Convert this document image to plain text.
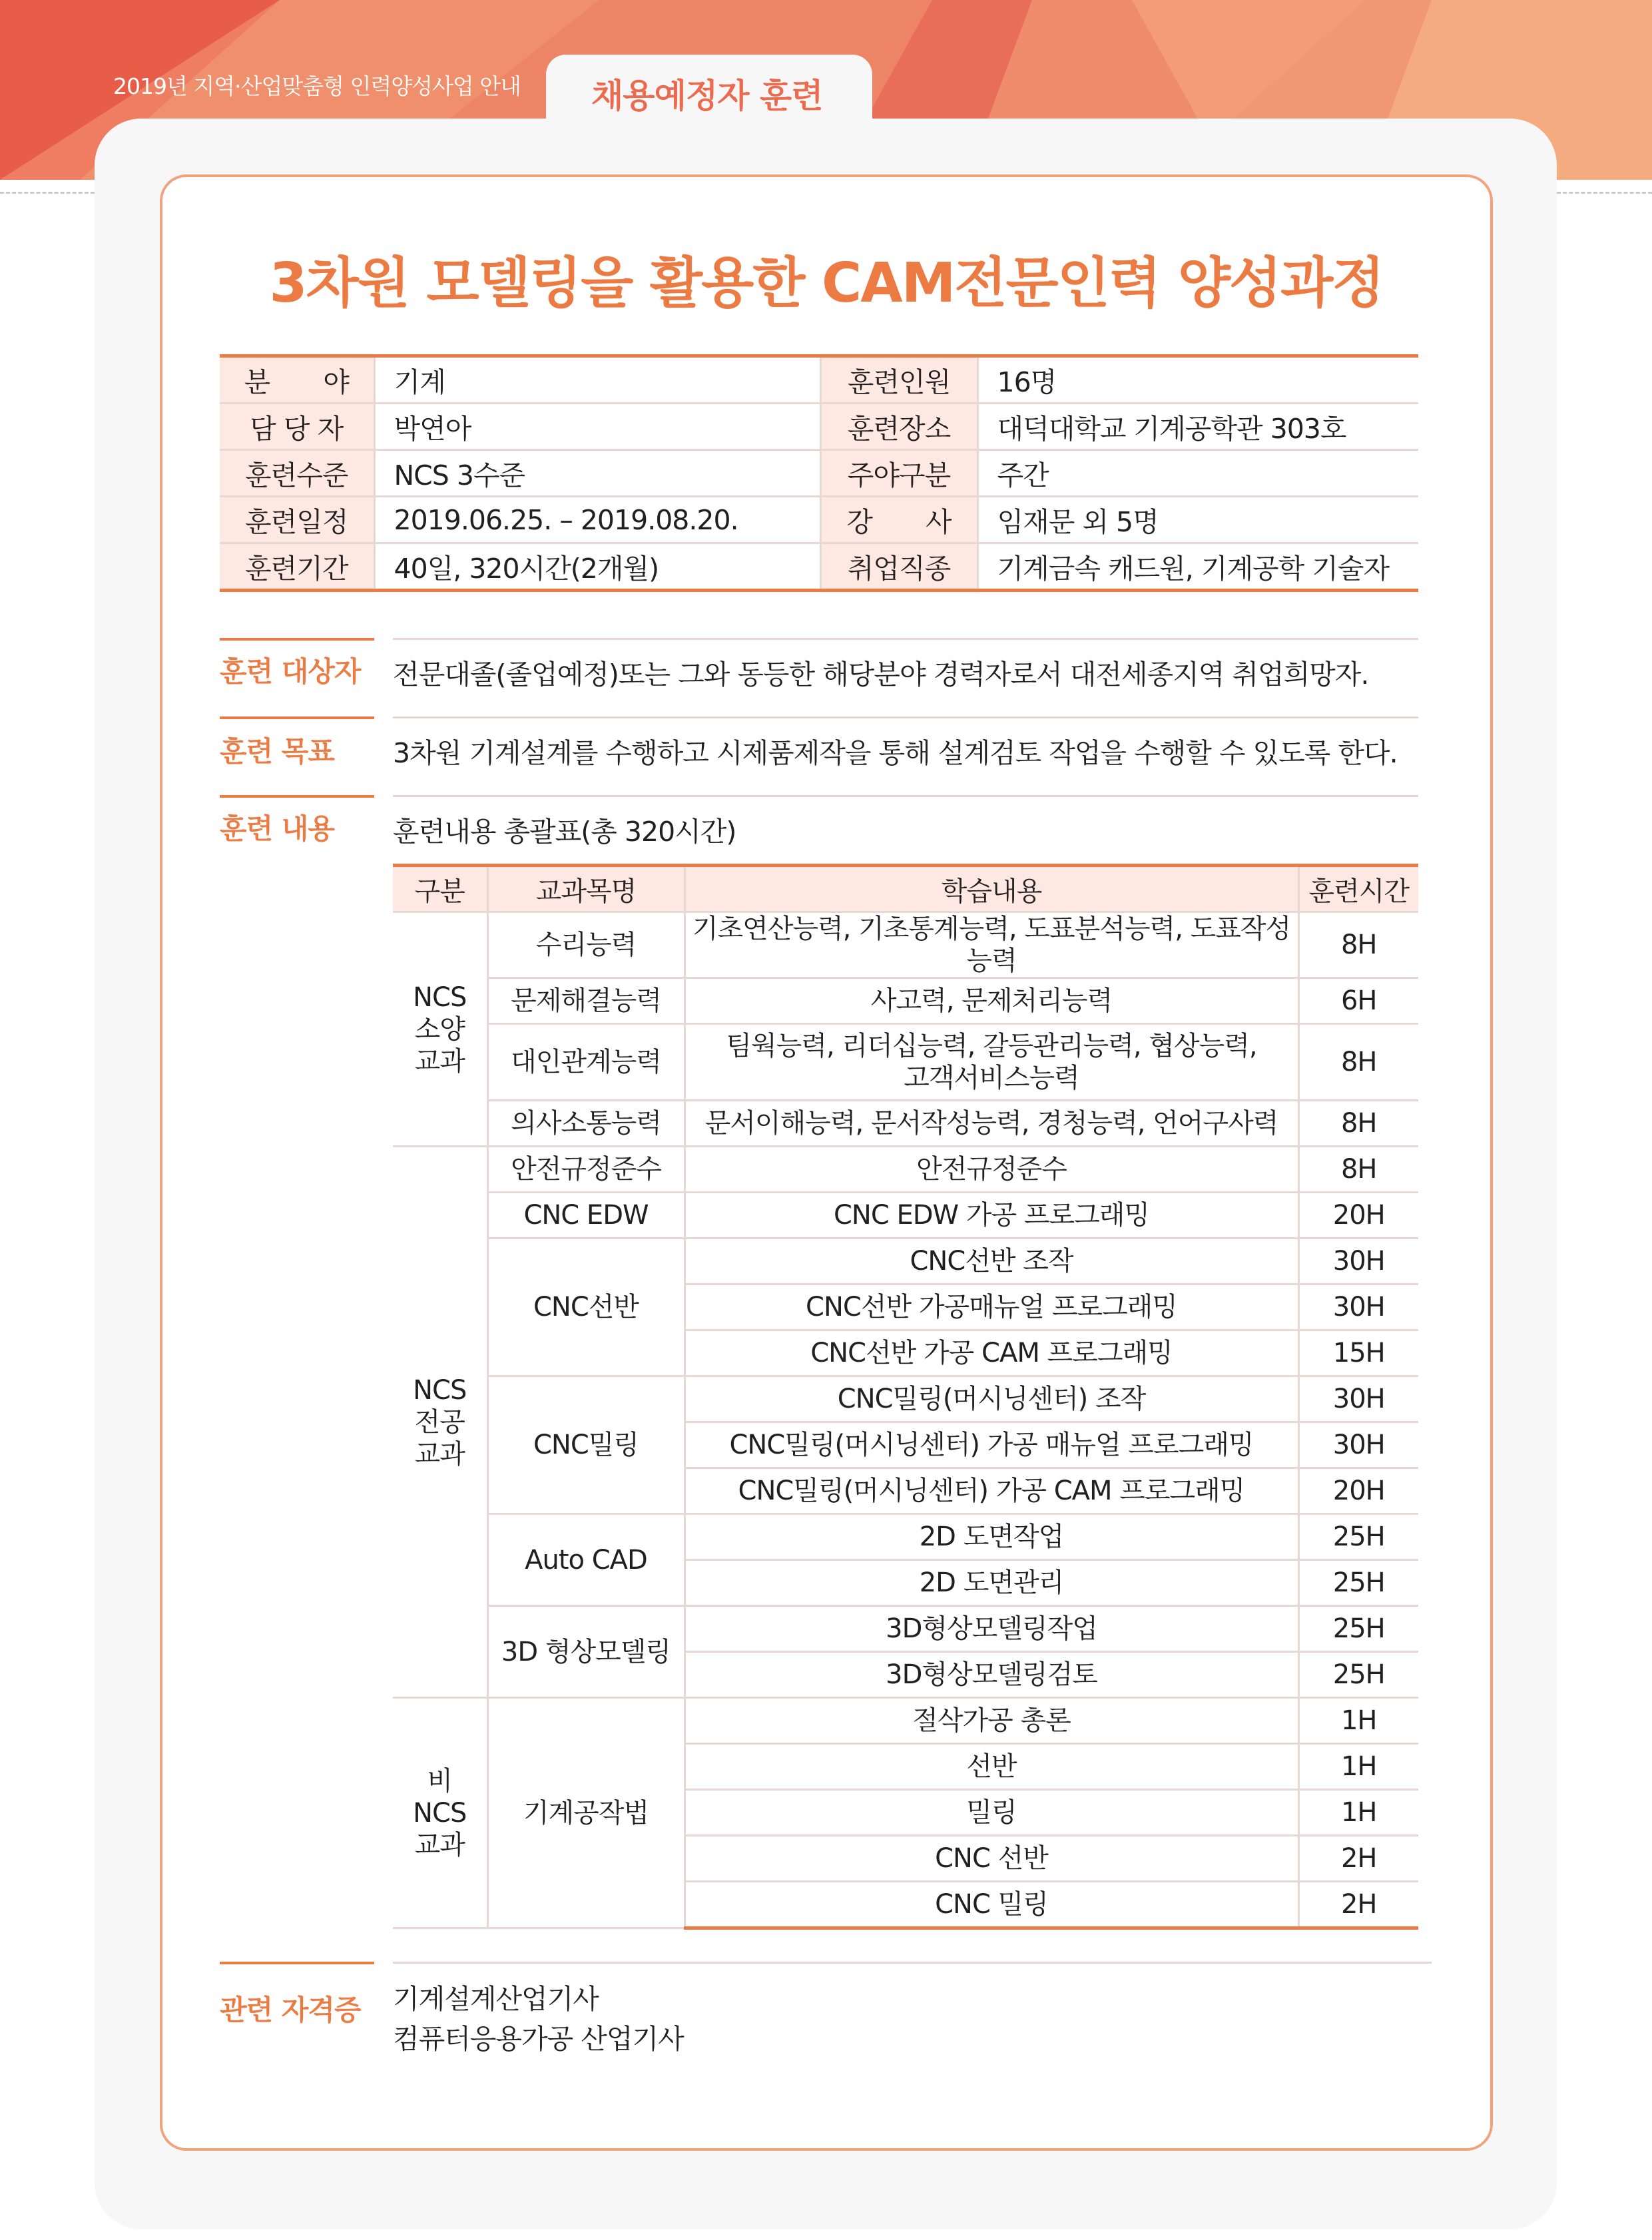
2019년 지역·산업맞춤형 인력양성사업 안내 채용예정자 훈련
3차원 모델링을 활용한 CAM전문인력 양성과정
분　　야	기계	훈련인원	16명
담 당 자	박연아	훈련장소	대덕대학교 기계공학관 303호
훈련수준	NCS 3수준	주야구분	주간
훈련일정	2019.06.25. – 2019.08.20.	강　　사	임재문 외 5명
훈련기간	40일, 320시간(2개월)	취업직종	기계금속 캐드원, 기계공학 기술자
훈련 대상자 전문대졸(졸업예정)또는 그와 동등한 해당분야 경력자로서 대전세종지역 취업희망자.
훈련 목표 3차원 기계설계를 수행하고 시제품제작을 통해 설계검토 작업을 수행할 수 있도록 한다.
훈련 내용 훈련내용 총괄표(총 320시간)
구분	교과목명	학습내용	훈련시간
NCS
소양
교과	수리능력	기초연산능력, 기초통계능력, 도표분석능력, 도표작성능력	8H
	문제해결능력	사고력, 문제처리능력	6H
	대인관계능력	팀웍능력, 리더십능력, 갈등관리능력, 협상능력,
고객서비스능력	8H
	의사소통능력	문서이해능력, 문서작성능력, 경청능력, 언어구사력	8H
NCS
전공
교과	안전규정준수	안전규정준수	8H
	CNC EDW	CNC EDW 가공 프로그래밍	20H
	CNC선반	CNC선반 조작	30H
		CNC선반 가공매뉴얼 프로그래밍	30H
		CNC선반 가공 CAM 프로그래밍	15H
	CNC밀링	CNC밀링(머시닝센터) 조작	30H
		CNC밀링(머시닝센터) 가공 매뉴얼 프로그래밍	30H
		CNC밀링(머시닝센터) 가공 CAM 프로그래밍	20H
	Auto CAD	2D 도면작업	25H
		2D 도면관리	25H
	3D 형상모델링	3D형상모델링작업	25H
		3D형상모델링검토	25H
비
NCS
교과	기계공작법	절삭가공 총론	1H
		선반	1H
		밀링	1H
		CNC 선반	2H
		CNC 밀링	2H
관련 자격증 기계설계산업기사
컴퓨터응용가공 산업기사
